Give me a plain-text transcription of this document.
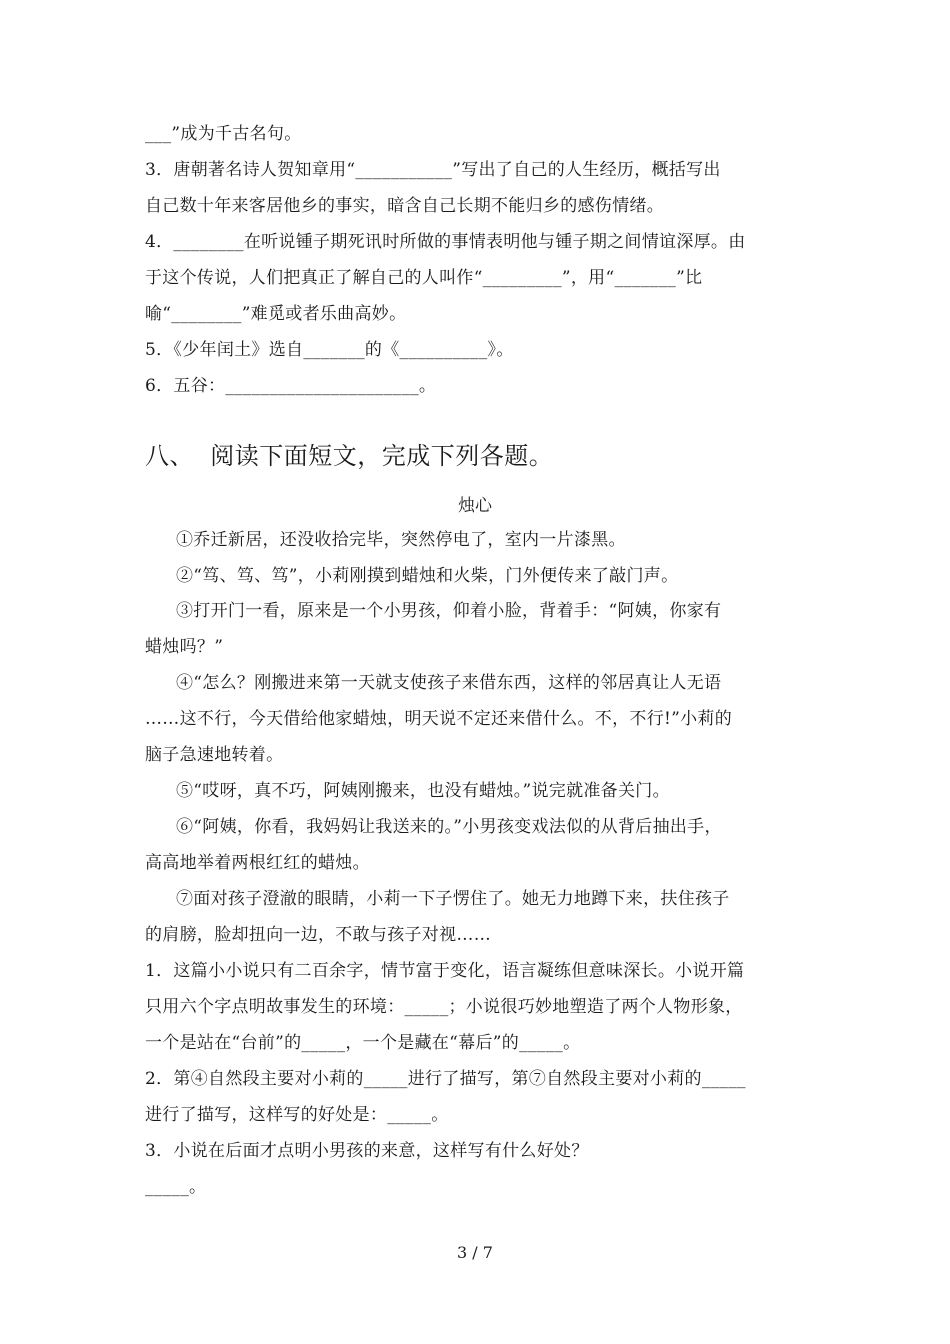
___”成为千古名句。
3．唐朝著名诗人贺知章用“___________”写出了自己的人生经历，概括写出
自己数十年来客居他乡的事实，暗含自己长期不能归乡的感伤情绪。
4．________在听说锺子期死讯时所做的事情表明他与锺子期之间情谊深厚。由
于这个传说，人们把真正了解自己的人叫作“_________”，用“_______”比
喻“________”难觅或者乐曲高妙。
5．《少年闰土》选自_______的《__________》。
6．五谷：______________________。
八、  阅读下面短文，完成下列各题。
烛心
①乔迁新居，还没收拾完毕，突然停电了，室内一片漆黑。
②“笃、笃、笃”，小莉刚摸到蜡烛和火柴，门外便传来了敲门声。
③打开门一看，原来是一个小男孩，仰着小脸，背着手：“阿姨，你家有
蜡烛吗？”
④“怎么？刚搬进来第一天就支使孩子来借东西，这样的邻居真让人无语
……这不行，今天借给他家蜡烛，明天说不定还来借什么。不，不行!”小莉的
脑子急速地转着。
⑤“哎呀，真不巧，阿姨刚搬来，也没有蜡烛。”说完就准备关门。
⑥“阿姨，你看，我妈妈让我送来的。”小男孩变戏法似的从背后抽出手，
高高地举着两根红红的蜡烛。
⑦面对孩子澄澈的眼睛，小莉一下子愣住了。她无力地蹲下来，扶住孩子
的肩膀，脸却扭向一边，不敢与孩子对视……
1．这篇小小说只有二百余字，情节富于变化，语言凝练但意味深长。小说开篇
只用六个字点明故事发生的环境：_____；小说很巧妙地塑造了两个人物形象，
一个是站在“台前”的_____，一个是藏在“幕后”的_____。
2．第④自然段主要对小莉的_____进行了描写，第⑦自然段主要对小莉的_____
进行了描写，这样写的好处是：_____。
3．小说在后面才点明小男孩的来意，这样写有什么好处？
_____。
3 / 7
